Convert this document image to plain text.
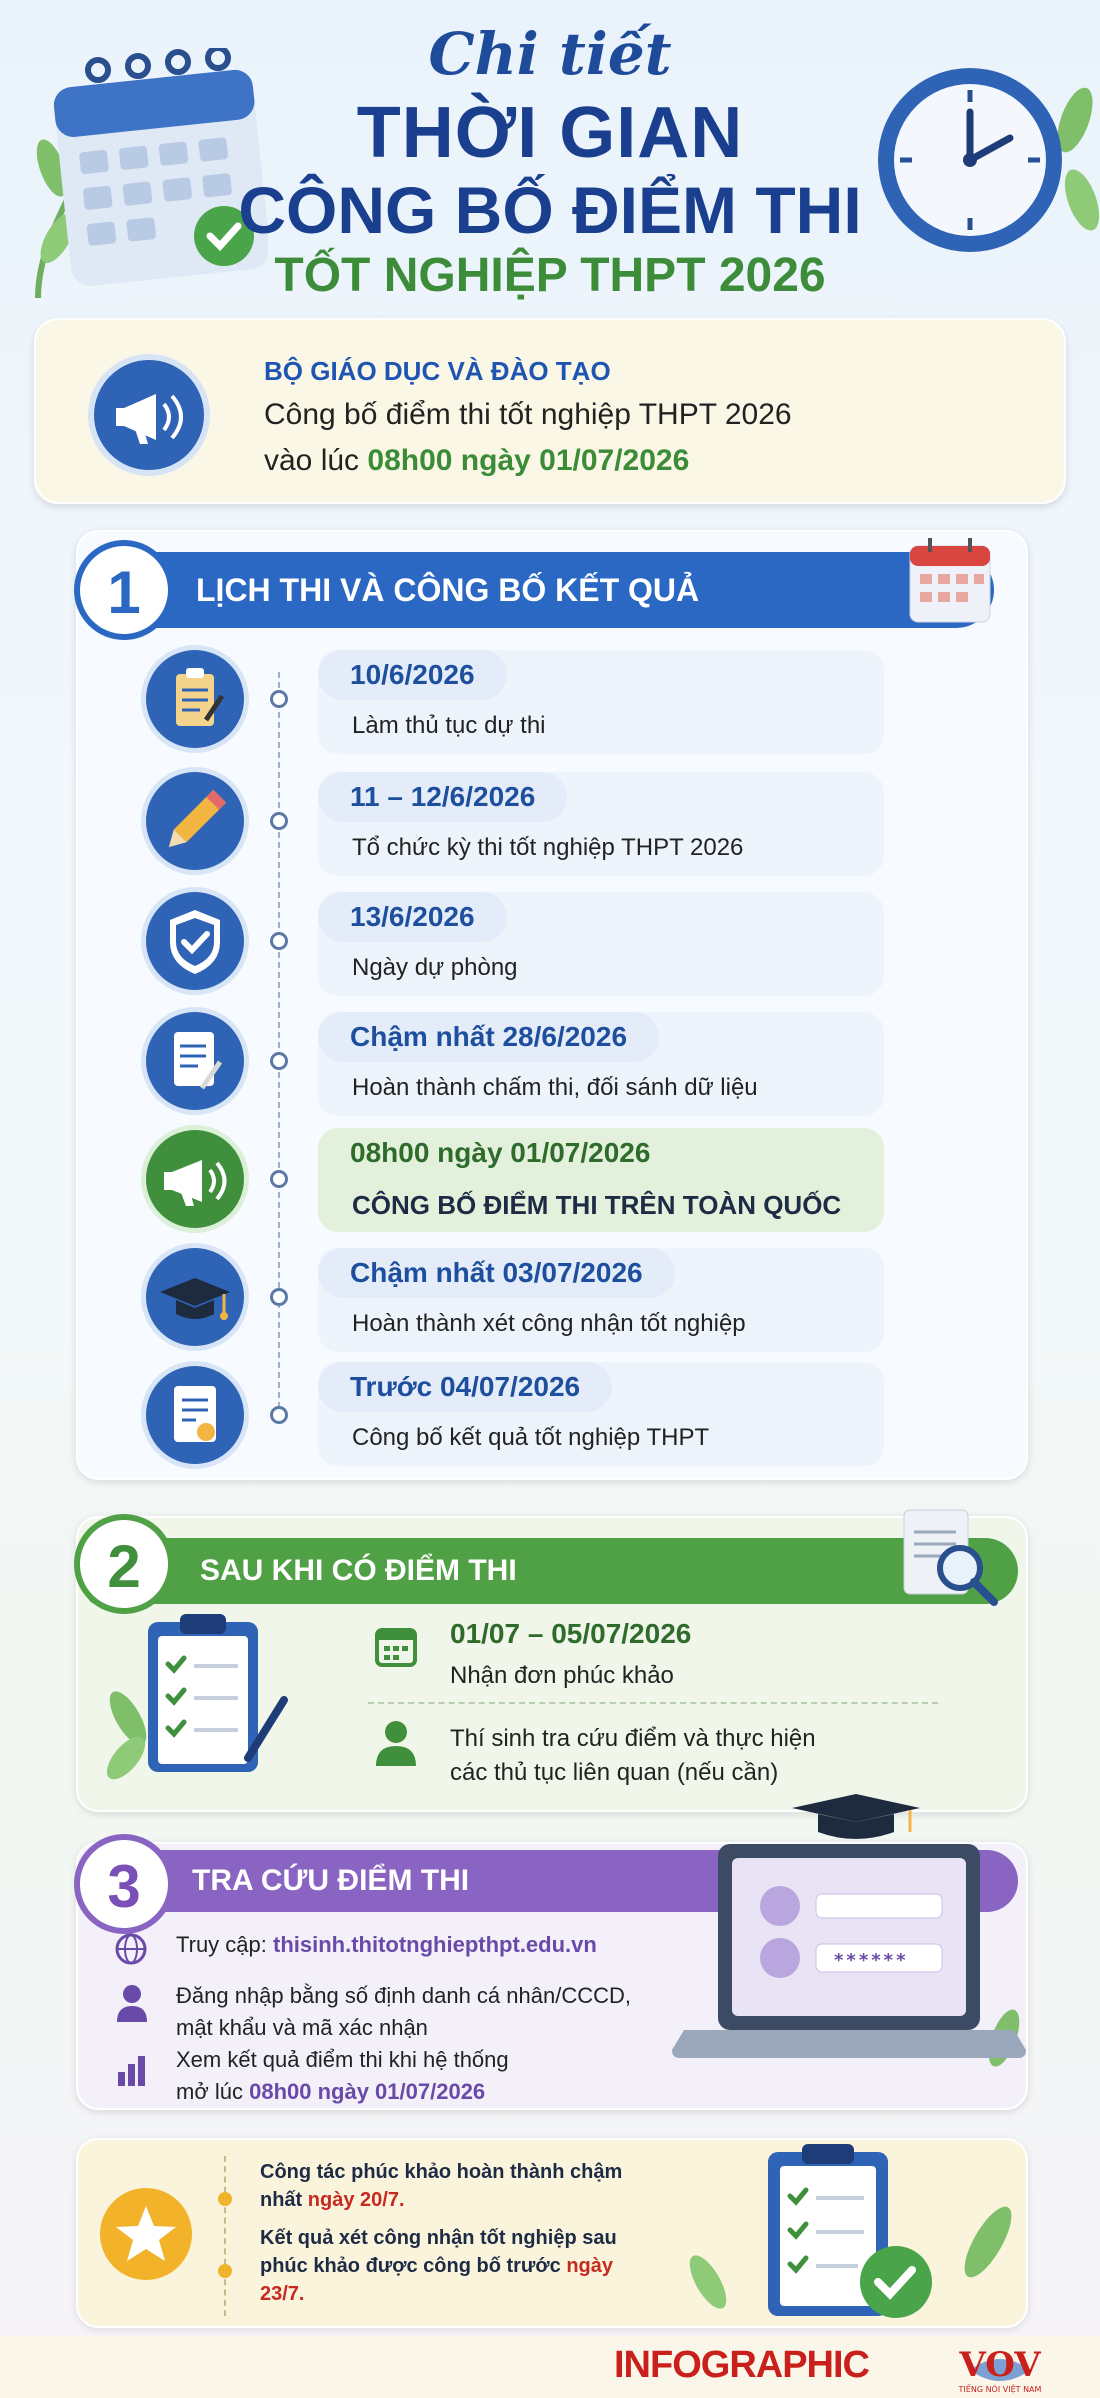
Chi tiết
THỜI GIAN
CÔNG BỐ ĐIỂM THI
TỐT NGHIỆP THPT 2026
BỘ GIÁO DỤC VÀ ĐÀO TẠO
Công bố điểm thi tốt nghiệp THPT 2026
vào lúc 08h00 ngày 01/07/2026
LỊCH THI VÀ CÔNG BỐ KẾT QUẢ
1
10/6/2026
Làm thủ tục dự thi
11 – 12/6/2026
Tổ chức kỳ thi tốt nghiệp THPT 2026
13/6/2026
Ngày dự phòng
Chậm nhất 28/6/2026
Hoàn thành chấm thi, đối sánh dữ liệu
08h00 ngày 01/07/2026
CÔNG BỐ ĐIỂM THI TRÊN TOÀN QUỐC
Chậm nhất 03/07/2026
Hoàn thành xét công nhận tốt nghiệp
Trước 04/07/2026
Công bố kết quả tốt nghiệp THPT
SAU KHI CÓ ĐIỂM THI
2
01/07 – 05/07/2026
Nhận đơn phúc khảo
Thí sinh tra cứu điểm và thực hiện
các thủ tục liên quan (nếu cần)
TRA CỨU ĐIỂM THI
3
Truy cập: thisinh.thitotnghiepthpt.edu.vn
Đăng nhập bằng số định danh cá nhân/CCCD,
mật khẩu và mã xác nhận
Xem kết quả điểm thi khi hệ thống
mở lúc 08h00 ngày 01/07/2026
******
Công tác phúc khảo hoàn thành chậm
nhất ngày 20/7.
Kết quả xét công nhận tốt nghiệp sau
phúc khảo được công bố trước ngày
23/7.
INFOGRAPHIC	VOV
TIẾNG NÓI VIỆT NAM
